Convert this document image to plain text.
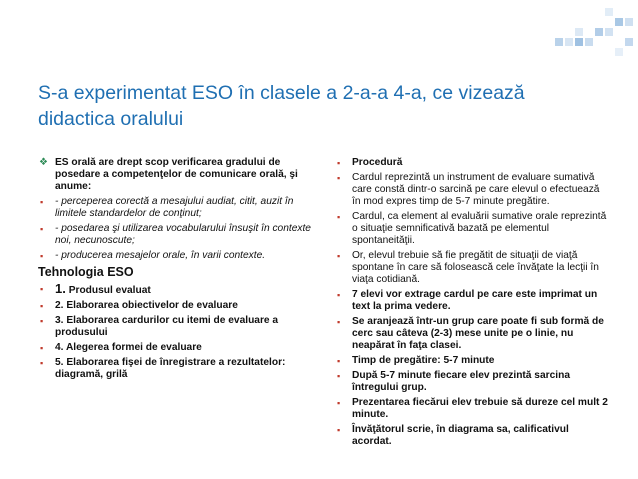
S-a experimentat ESO în clasele a 2-a-a 4-a, ce vizează didactica oralului
❖ ES orală are drept scop verificarea gradului de posedare a competenţelor de comunicare orală, şi anume:
▪ - perceperea corectă a mesajului audiat, citit, auzit în limitele standardelor de conţinut;
▪ - posedarea şi utilizarea vocabularului însuşit în contexte noi, necunoscute;
▪ - producerea mesajelor orale, în varii contexte.
Tehnologia ESO
▪ 1. Produsul evaluat
▪ 2. Elaborarea obiectivelor de evaluare
▪ 3. Elaborarea cardurilor cu itemi de evaluare a produsului
▪ 4. Alegerea formei de evaluare
▪ 5. Elaborarea fişei de înregistrare a rezultatelor: diagramă, grilă
▪ Procedură
▪ Cardul reprezintă un instrument de evaluare sumativă care constă dintr-o sarcină pe care elevul o efectuează în mod expres timp de 5-7 minute pregătire.
▪ Cardul, ca element al evaluării sumative orale reprezintă o situaţie semnificativă bazată pe elementul spontaneităţii.
▪ Or, elevul trebuie să fie pregătit de situaţii de viaţă spontane în care să folosească cele învăţate la lecţii în viaţa cotidiană.
▪ 7 elevi vor extrage cardul pe care este imprimat un text la prima vedere.
▪ Se aranjează într-un grup care poate fi sub formă de cerc sau câteva (2-3) mese unite pe o linie, nu neapărat în faţa clasei.
▪ Timp de pregătire: 5-7 minute
▪ După 5-7 minute fiecare elev prezintă sarcina întregului grup.
▪ Prezentarea fiecărui elev trebuie să dureze cel mult 2 minute.
▪ Învăţătorul scrie, în diagrama sa, calificativul acordat.
